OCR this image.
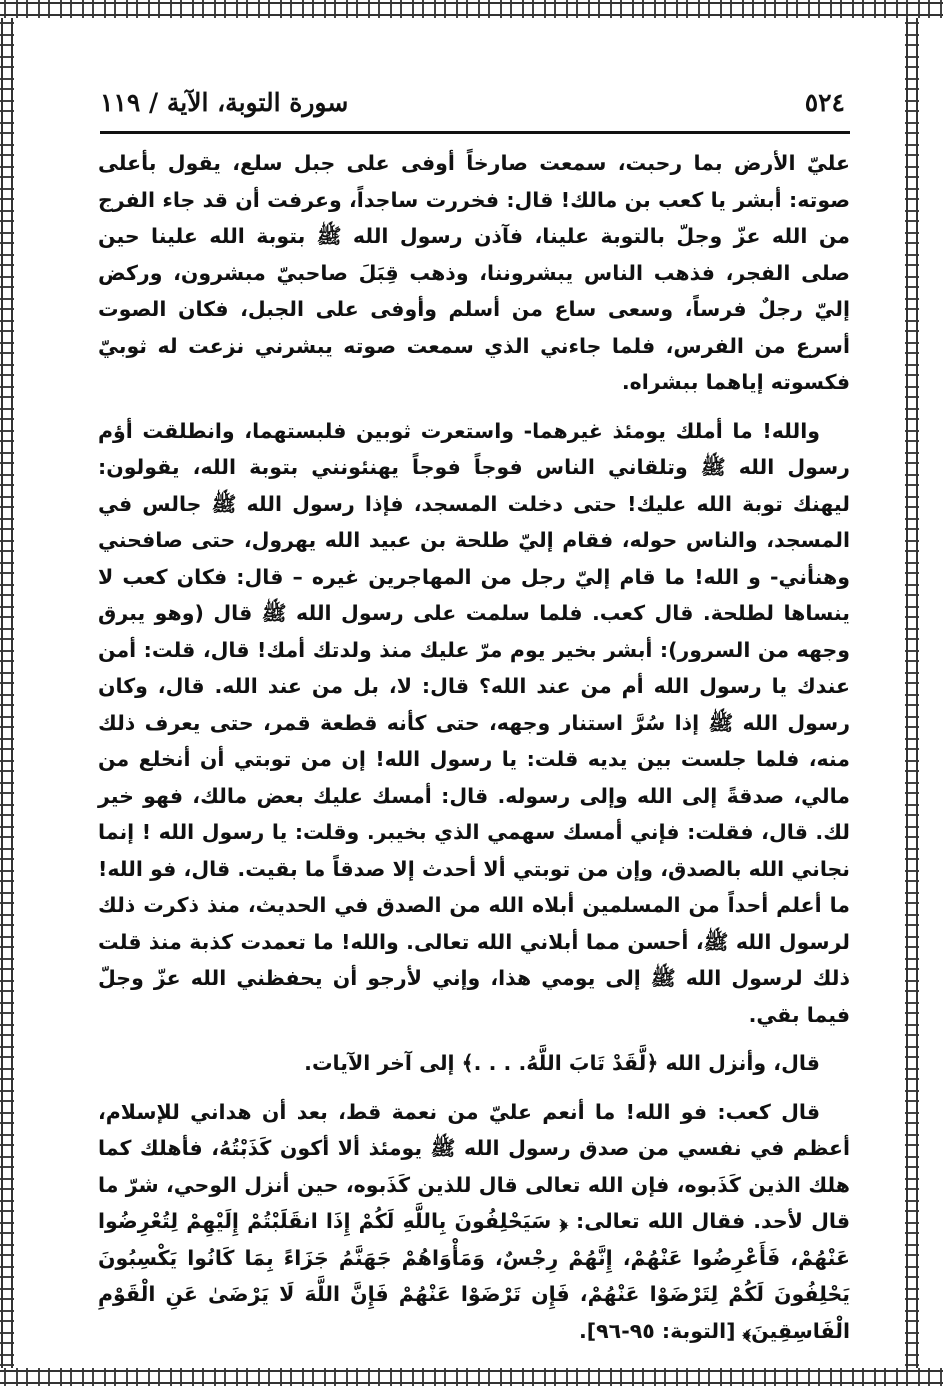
٥٢٤
سورة التوبة، الآية / ١١٩

عليّ الأرض بما رحبت، سمعت صارخاً أوفى على جبل سلع، يقول بأعلى صوته: أبشر يا كعب بن مالك! قال: فخررت ساجداً، وعرفت أن قد جاء الفرج من الله عزّ وجلّ بالتوبة علينا، فآذن رسول الله ﷺ بتوبة الله علينا حين صلى الفجر، فذهب الناس يبشروننا، وذهب قِبَلَ صاحبيّ مبشرون، وركض إليّ رجلٌ فرساً، وسعى ساع من أسلم وأوفى على الجبل، فكان الصوت أسرع من الفرس، فلما جاءني الذي سمعت صوته يبشرني نزعت له ثوبيّ فكسوته إياهما ببشراه.

والله! ما أملك يومئذ غيرهما- واستعرت ثوبين فلبستهما، وانطلقت أؤم رسول الله ﷺ وتلقاني الناس فوجاً فوجاً يهنئونني بتوبة الله، يقولون: ليهنك توبة الله عليك! حتى دخلت المسجد، فإذا رسول الله ﷺ جالس في المسجد، والناس حوله، فقام إليّ طلحة بن عبيد الله يهرول، حتى صافحني وهنأني- و الله! ما قام إليّ رجل من المهاجرين غيره – قال: فكان كعب لا ينساها لطلحة. قال كعب. فلما سلمت على رسول الله ﷺ قال (وهو يبرق وجهه من السرور): أبشر بخير يوم مرّ عليك منذ ولدتك أمك! قال، قلت: أمن عندك يا رسول الله أم من عند الله؟ قال: لا، بل من عند الله. قال، وكان رسول الله ﷺ إذا سُرَّ استنار وجهه، حتى كأنه قطعة قمر، حتى يعرف ذلك منه، فلما جلست بين يديه قلت: يا رسول الله! إن من توبتي أن أنخلع من مالي، صدقةً إلى الله وإلى رسوله. قال: أمسك عليك بعض مالك، فهو خير لك. قال، فقلت: فإني أمسك سهمي الذي بخيبر. وقلت: يا رسول الله ! إنما نجاني الله بالصدق، وإن من توبتي ألا أحدث إلا صدقاً ما بقيت. قال، فو الله! ما أعلم أحداً من المسلمين أبلاه الله من الصدق في الحديث، منذ ذكرت ذلك لرسول الله ﷺ، أحسن مما أبلاني الله تعالى. والله! ما تعمدت كذبة منذ قلت ذلك لرسول الله ﷺ إلى يومي هذا، وإني لأرجو أن يحفظني الله عزّ وجلّ فيما بقي.

قال، وأنزل الله ﴿لَّقَدْ تَابَ اللَّهُ. . . .﴾ إلى آخر الآيات.

قال كعب: فو الله! ما أنعم عليّ من نعمة قط، بعد أن هداني للإسلام، أعظم في نفسي من صدق رسول الله ﷺ يومئذ ألا أكون كَذَبْتُهُ، فأهلك كما هلك الذين كَذَبوه، فإن الله تعالى قال للذين كَذَبوه، حين أنزل الوحي، شرّ ما قال لأحد. فقال الله تعالى: ﴿ سَيَحْلِفُونَ بِاللَّهِ لَكُمْ إِذَا انقَلَبْتُمْ إِلَيْهِمْ لِتُعْرِضُوا عَنْهُمْ، فَأَعْرِضُوا عَنْهُمْ، إِنَّهُمْ رِجْسٌ، وَمَأْوَاهُمْ جَهَنَّمُ جَزَاءً بِمَا كَانُوا يَكْسِبُونَ يَحْلِفُونَ لَكُمْ لِتَرْضَوْا عَنْهُمْ، فَإِن تَرْضَوْا عَنْهُمْ فَإِنَّ اللَّهَ لَا يَرْضَىٰ عَنِ الْقَوْمِ الْفَاسِقِينَ﴾ [التوبة: ٩٥-٩٦].
